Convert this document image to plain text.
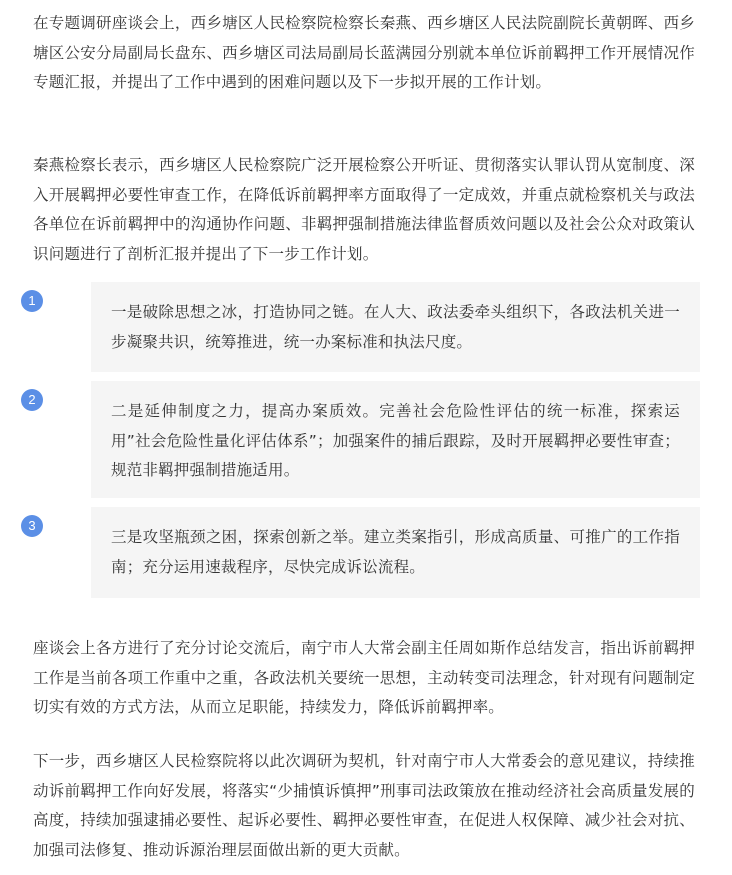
在专题调研座谈会上，西乡塘区人民检察院检察长秦燕、西乡塘区人民法院副院长黄朝晖、西乡塘区公安分局副局长盘东、西乡塘区司法局副局长蓝满园分别就本单位诉前羁押工作开展情况作专题汇报，并提出了工作中遇到的困难问题以及下一步拟开展的工作计划。

秦燕检察长表示，西乡塘区人民检察院广泛开展检察公开听证、贯彻落实认罪认罚从宽制度、深入开展羁押必要性审查工作，在降低诉前羁押率方面取得了一定成效，并重点就检察机关与政法各单位在诉前羁押中的沟通协作问题、非羁押强制措施法律监督质效问题以及社会公众对政策认识问题进行了剖析汇报并提出了下一步工作计划。

1

一是破除思想之冰，打造协同之链。在人大、政法委牵头组织下，各政法机关进一步凝聚共识，统筹推进，统一办案标准和执法尺度。

2

二是延伸制度之力，提高办案质效。完善社会危险性评估的统一标准，探索运用”社会危险性量化评估体系”；加强案件的捕后跟踪，及时开展羁押必要性审查；规范非羁押强制措施适用。

3

三是攻坚瓶颈之困，探索创新之举。建立类案指引，形成高质量、可推广的工作指南；充分运用速裁程序，尽快完成诉讼流程。

座谈会上各方进行了充分讨论交流后，南宁市人大常会副主任周如斯作总结发言，指出诉前羁押工作是当前各项工作重中之重，各政法机关要统一思想，主动转变司法理念，针对现有问题制定切实有效的方式方法，从而立足职能，持续发力，降低诉前羁押率。

下一步，西乡塘区人民检察院将以此次调研为契机，针对南宁市人大常委会的意见建议，持续推动诉前羁押工作向好发展，将落实“少捕慎诉慎押”刑事司法政策放在推动经济社会高质量发展的高度，持续加强逮捕必要性、起诉必要性、羁押必要性审查，在促进人权保障、减少社会对抗、加强司法修复、推动诉源治理层面做出新的更大贡献。
